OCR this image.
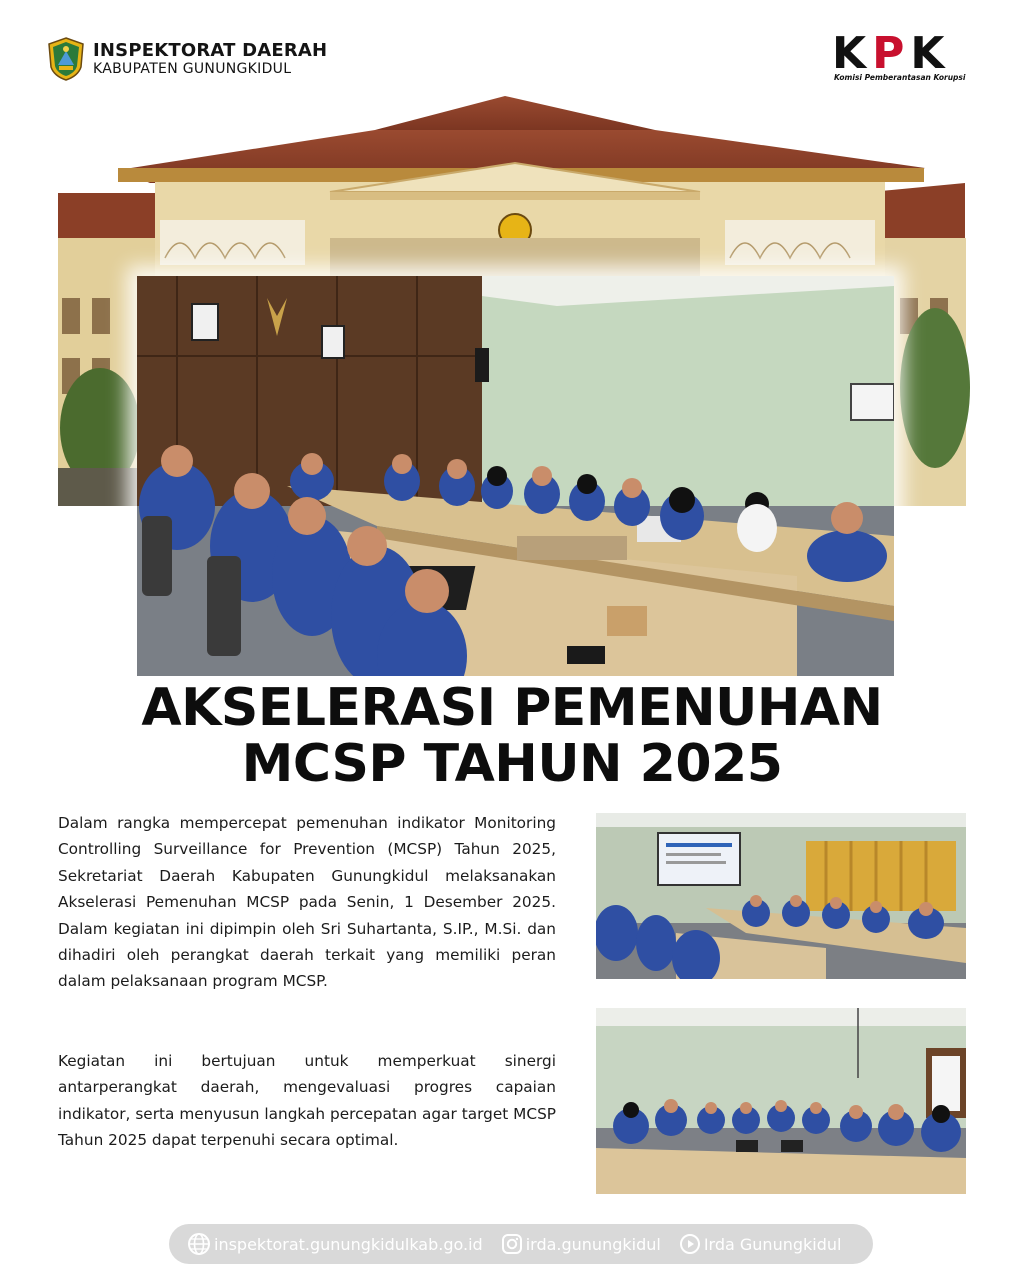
INSPEKTORAT DAERAH
KABUPATEN GUNUNGKIDUL	KPK
Komisi Pemberantasan Korupsi
AKSELERASI PEMENUHAN
MCSP TAHUN 2025
Dalam rangka mempercepat pemenuhan indikator Monitoring Controlling Surveillance for Prevention (MCSP) Tahun 2025, Sekretariat Daerah Kabupaten Gunungkidul melaksanakan Akselerasi Pemenuhan MCSP pada Senin, 1 Desember 2025. Dalam kegiatan ini dipimpin oleh Sri Suhartanta, S.IP., M.Si. dan dihadiri oleh perangkat daerah terkait yang memiliki peran dalam pelaksanaan program MCSP.
Kegiatan ini bertujuan untuk memperkuat sinergi antarperangkat daerah, mengevaluasi progres capaian indikator, serta menyusun langkah percepatan agar target MCSP Tahun 2025 dapat terpenuhi secara optimal.
inspektorat.gunungkidulkab.go.id	irda.gunungkidul	Irda Gunungkidul
